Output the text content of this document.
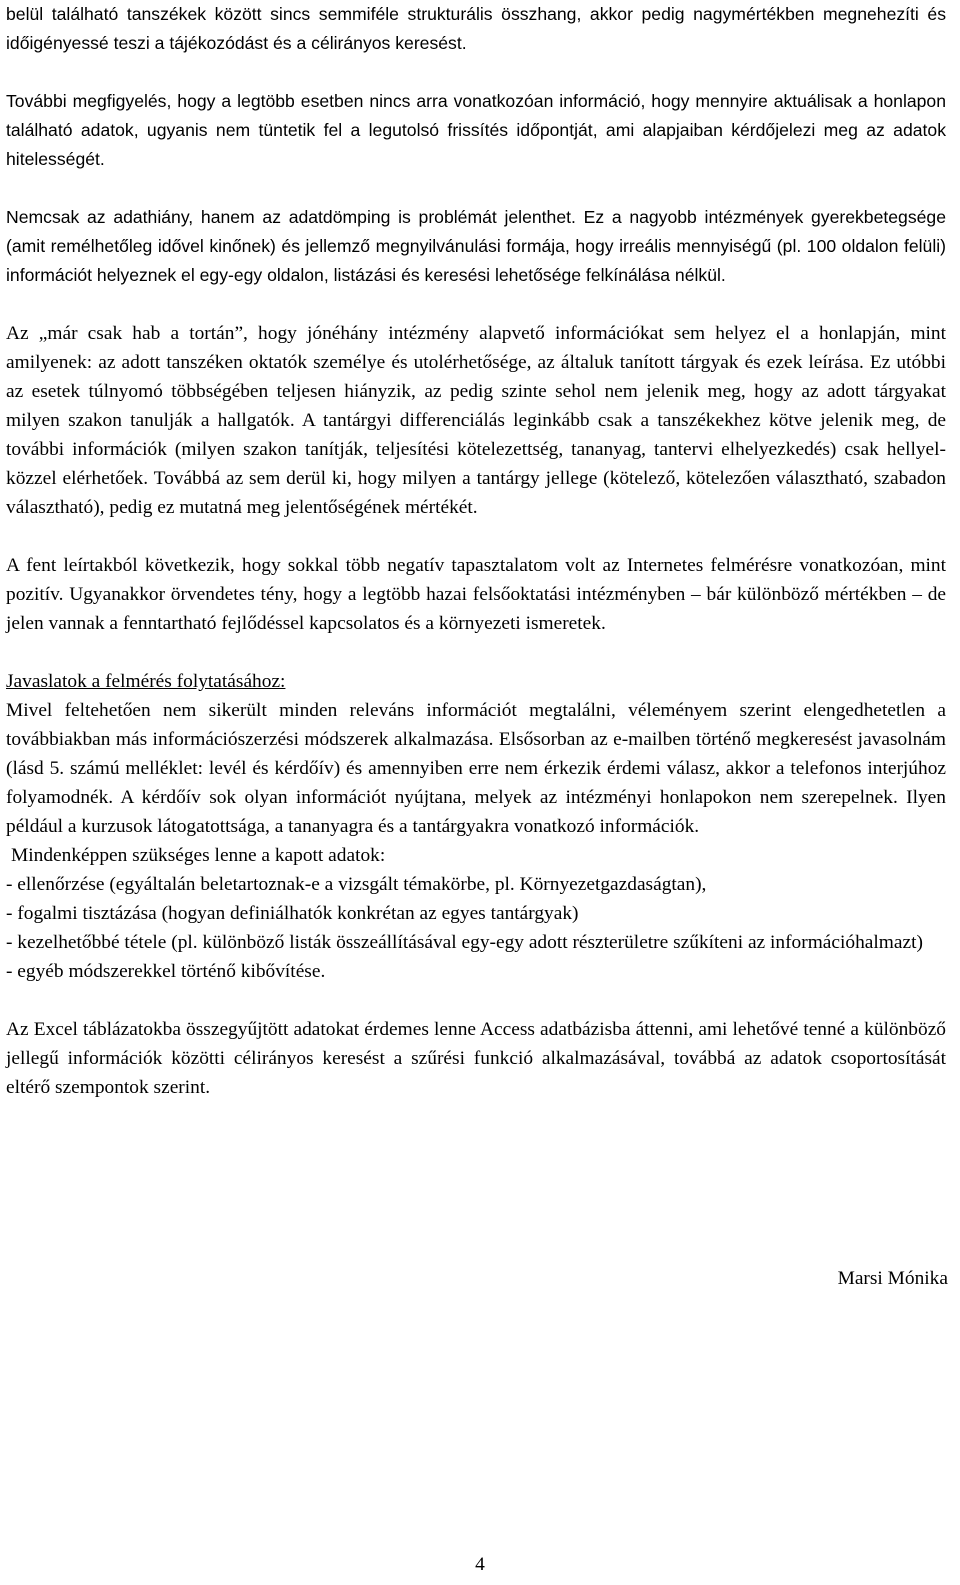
belül található tanszékek között sincs semmiféle strukturális összhang, akkor pedig nagymértékben megnehezíti és időigényessé teszi a tájékozódást és a célirányos keresést.

További megfigyelés, hogy a legtöbb esetben nincs arra vonatkozóan információ, hogy mennyire aktuálisak a honlapon található adatok, ugyanis nem tüntetik fel a legutolsó frissítés időpontját, ami alapjaiban kérdőjelezi meg az adatok hitelességét.

Nemcsak az adathiány, hanem az adatdömping is problémát jelenthet. Ez a nagyobb intézmények gyerekbetegsége (amit remélhetőleg idővel kinőnek) és jellemző megnyilvánulási formája, hogy irreális mennyiségű (pl. 100 oldalon felüli) információt helyeznek el egy-egy oldalon, listázási és keresési lehetősége felkínálása nélkül.

Az „már csak hab a tortán”, hogy jónéhány intézmény alapvető információkat sem helyez el a honlapján, mint amilyenek: az adott tanszéken oktatók személye és utolérhetősége, az általuk tanított tárgyak és ezek leírása. Ez utóbbi az esetek túlnyomó többségében teljesen hiányzik, az pedig szinte sehol nem jelenik meg, hogy az adott tárgyakat milyen szakon tanulják a hallgatók. A tantárgyi differenciálás leginkább csak a tanszékekhez kötve jelenik meg, de további információk (milyen szakon tanítják, teljesítési kötelezettség, tananyag, tantervi elhelyezkedés) csak hellyel-közzel elérhetőek. Továbbá az sem derül ki, hogy milyen a tantárgy jellege (kötelező, kötelezően választható, szabadon választható), pedig ez mutatná meg jelentőségének mértékét.

A fent leírtakból következik, hogy sokkal több negatív tapasztalatom volt az Internetes felmérésre vonatkozóan, mint pozitív. Ugyanakkor örvendetes tény, hogy a legtöbb hazai felsőoktatási intézményben – bár különböző mértékben – de jelen vannak a fenntartható fejlődéssel kapcsolatos és a környezeti ismeretek.

Javaslatok a felmérés folytatásához:

Mivel feltehetően nem sikerült minden releváns információt megtalálni, véleményem szerint elengedhetetlen a továbbiakban más információszerzési módszerek alkalmazása. Elsősorban az e-mailben történő megkeresést javasolnám (lásd 5. számú melléklet: levél és kérdőív) és amennyiben erre nem érkezik érdemi válasz, akkor a telefonos interjúhoz folyamodnék. A kérdőív sok olyan információt nyújtana, melyek az intézményi honlapokon nem szerepelnek. Ilyen például a kurzusok látogatottsága, a tananyagra és a tantárgyakra vonatkozó információk.

Mindenképpen szükséges lenne a kapott adatok:
- ellenőrzése (egyáltalán beletartoznak-e a vizsgált témakörbe, pl. Környezetgazdaságtan),
- fogalmi tisztázása (hogyan definiálhatók konkrétan az egyes tantárgyak)
- kezelhetőbbé tétele (pl. különböző listák összeállításával egy-egy adott részterületre szűkíteni az információhalmazt)
- egyéb módszerekkel történő kibővítése.

Az Excel táblázatokba összegyűjtött adatokat érdemes lenne Access adatbázisba áttenni, ami lehetővé tenné a különböző jellegű információk közötti célirányos keresést a szűrési funkció alkalmazásával, továbbá az adatok csoportosítását eltérő szempontok szerint.

Marsi Mónika
4
